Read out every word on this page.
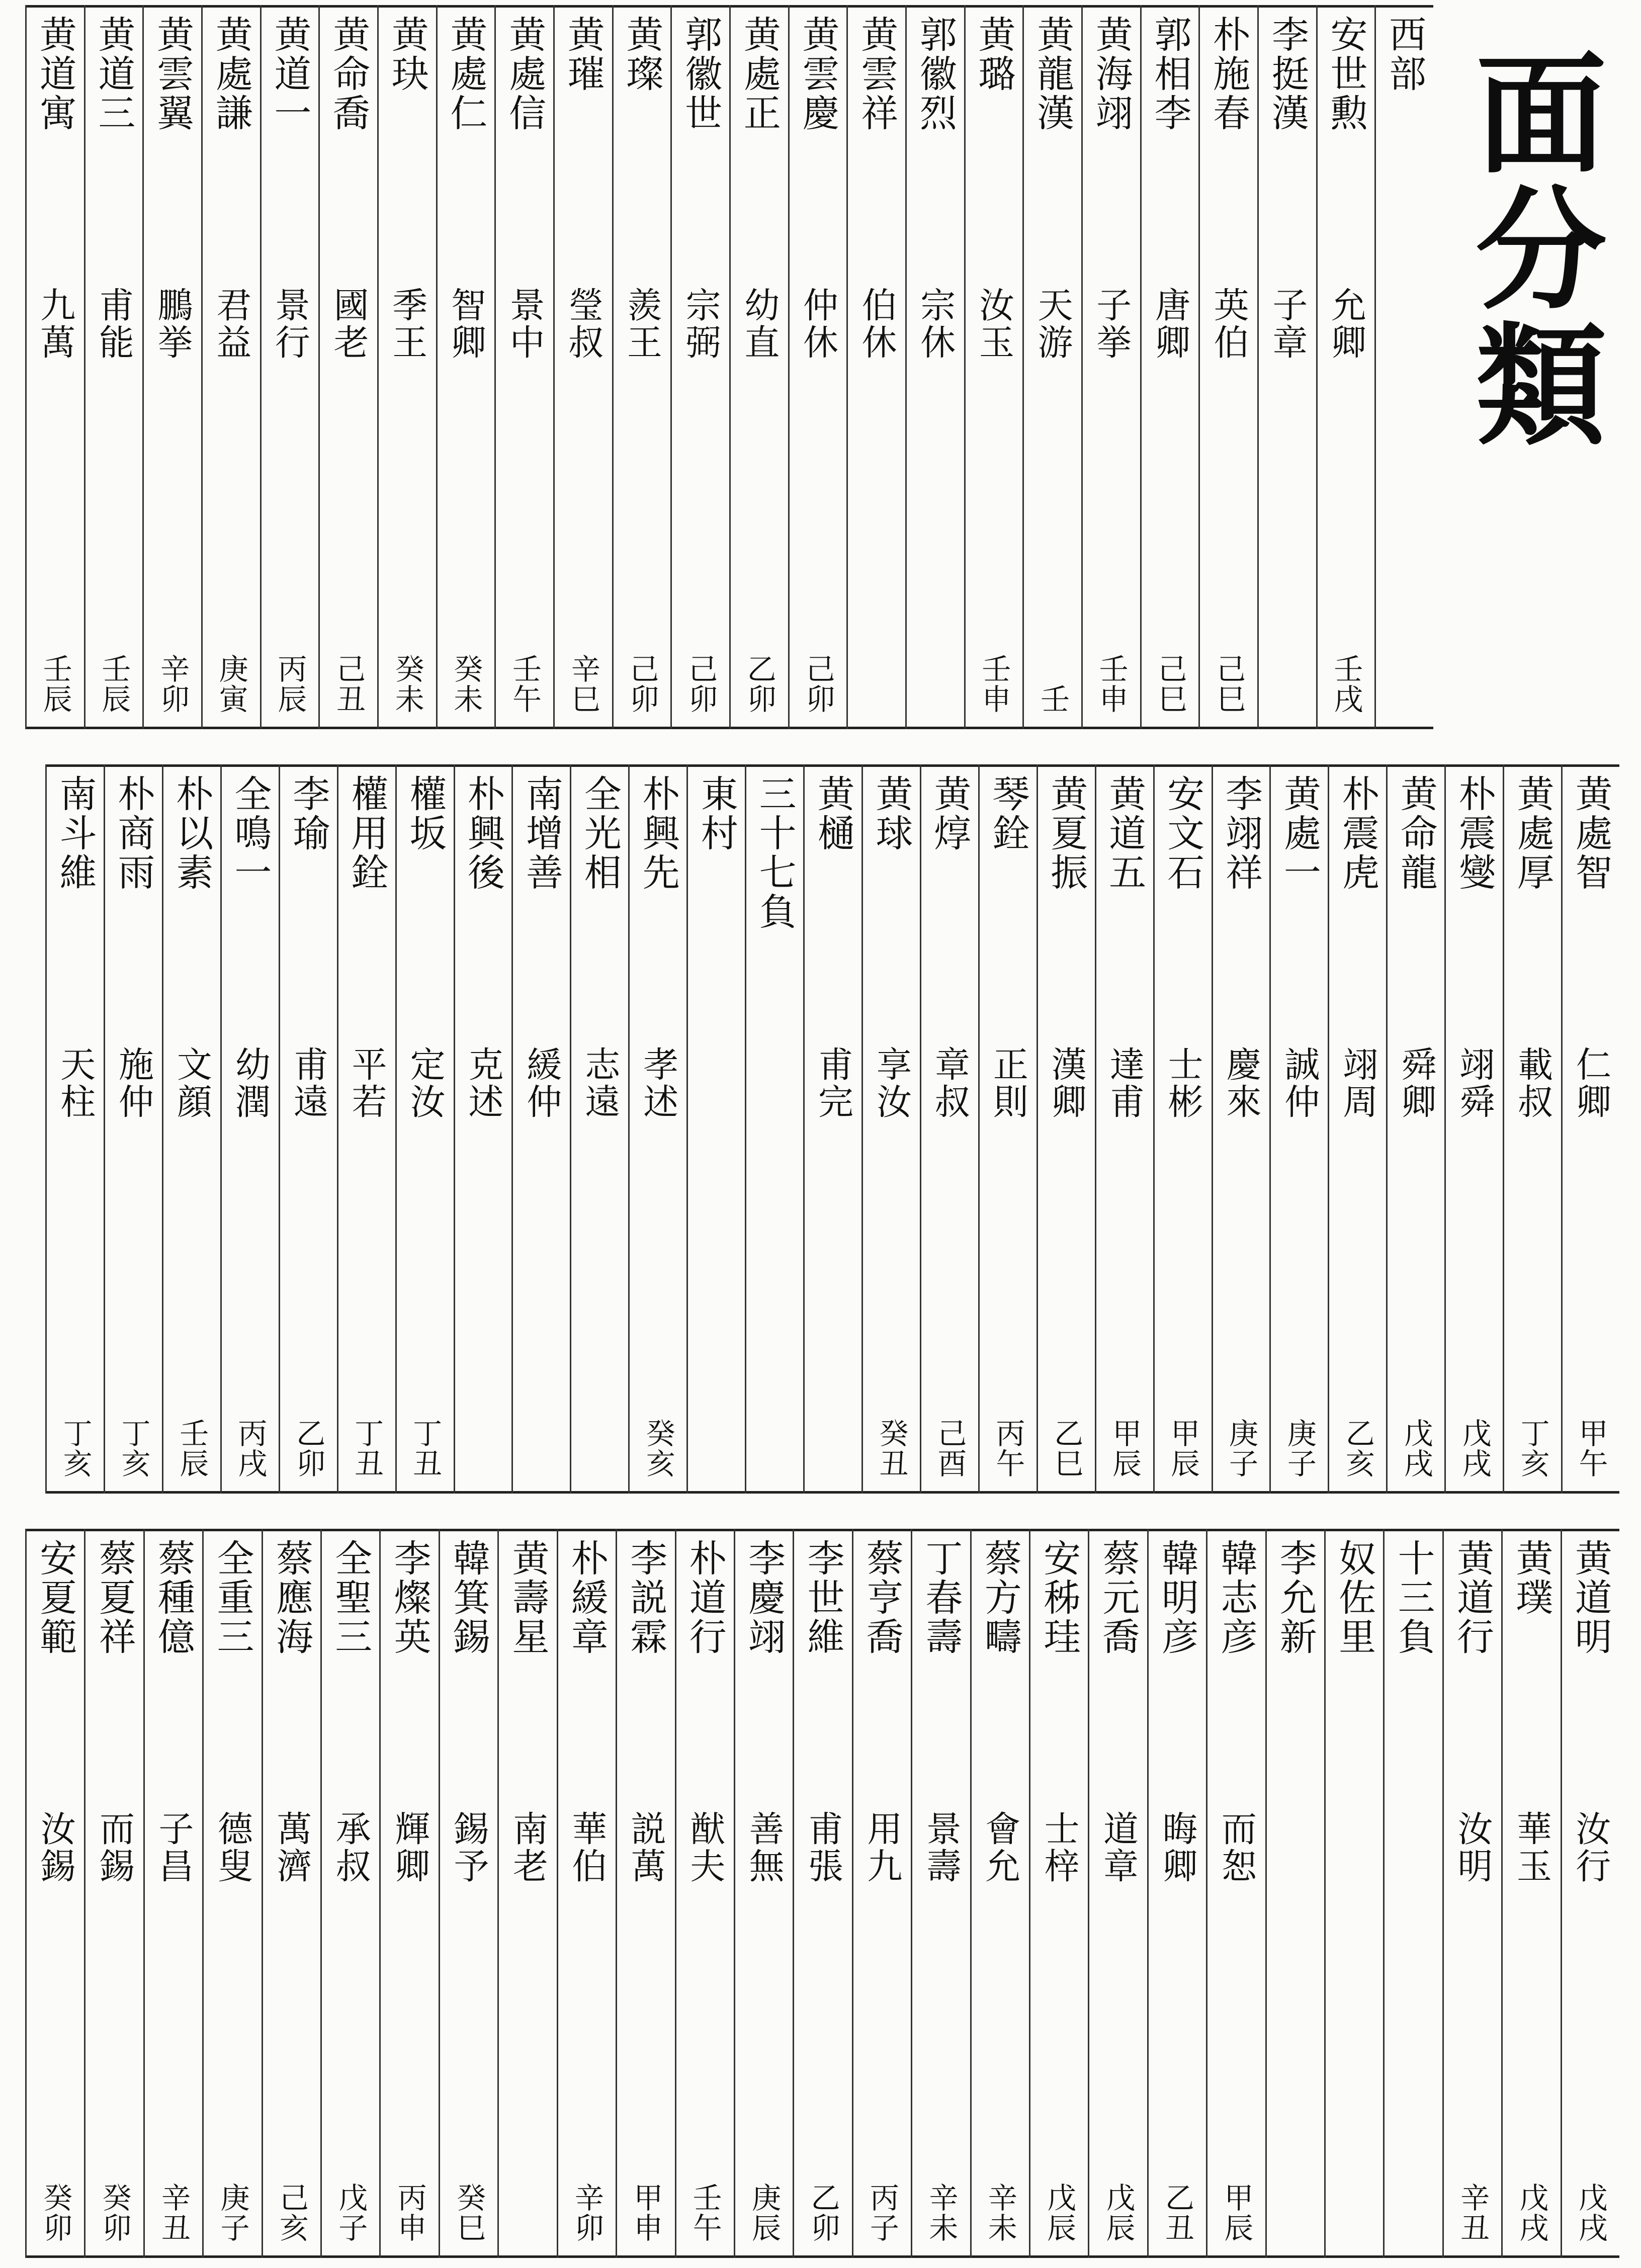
面分類
西部
安世勲
允卿
壬戌
李挺漢
子章
朴施春
英伯
己巳
郭相李
唐卿
己巳
黄海翊
子挙
壬申
黄龍漢
天游
壬
黄璐
汝玉
壬申
郭徽烈
宗休
黄雲祥
伯休
黄雲慶
仲休
己卯
黄處正
幼直
乙卯
郭徽世
宗弼
己卯
黄璨
羨王
己卯
黄璀
瑩叔
辛巳
黄處信
景中
壬午
黄處仁
智卿
癸未
黄玦
季王
癸未
黄命喬
國老
己丑
黄道一
景行
丙辰
黄處謙
君益
庚寅
黄雲翼
鵬挙
辛卯
黄道三
甫能
壬辰
黄道寓
九萬
壬辰
黄處智
仁卿
甲午
黄處厚
載叔
丁亥
朴震燮
翊舜
戊戌
黄命龍
舜卿
戊戌
朴震虎
翊周
乙亥
黄處一
誠仲
庚子
李翊祥
慶來
庚子
安文石
士彬
甲辰
黄道五
達甫
甲辰
黄夏振
漢卿
乙巳
琴銓
正則
丙午
黄焞
章叔
己酉
黄球
享汝
癸丑
黄樋
甫完
三十七負
東村
朴興先
孝述
癸亥
全光相
志遠
南增善
緩仲
朴興後
克述
權坂
定汝
丁丑
權用銓
平若
丁丑
李瑜
甫遠
乙卯
全鳴一
幼潤
丙戌
朴以素
文顔
壬辰
朴商雨
施仲
丁亥
南斗維
天柱
丁亥
黄道明
汝行
戊戌
黄璞
華玉
戊戌
黄道行
汝明
辛丑
十三負
奴佐里
李允新
韓志彦
而恕
甲辰
韓明彦
晦卿
乙丑
蔡元喬
道章
戊辰
安秭珪
士梓
戊辰
蔡方疇
會允
辛未
丁春壽
景壽
辛未
蔡亨喬
用九
丙子
李世維
甫張
乙卯
李慶翊
善無
庚辰
朴道行
猷夫
壬午
李説霖
説萬
甲申
朴緩章
華伯
辛卯
黄壽星
南老
韓箕錫
錫予
癸巳
李燦英
輝卿
丙申
全聖三
承叔
戊子
蔡應海
萬濟
己亥
全重三
德叟
庚子
蔡種億
子昌
辛丑
蔡夏祥
而錫
癸卯
安夏範
汝錫
癸卯
